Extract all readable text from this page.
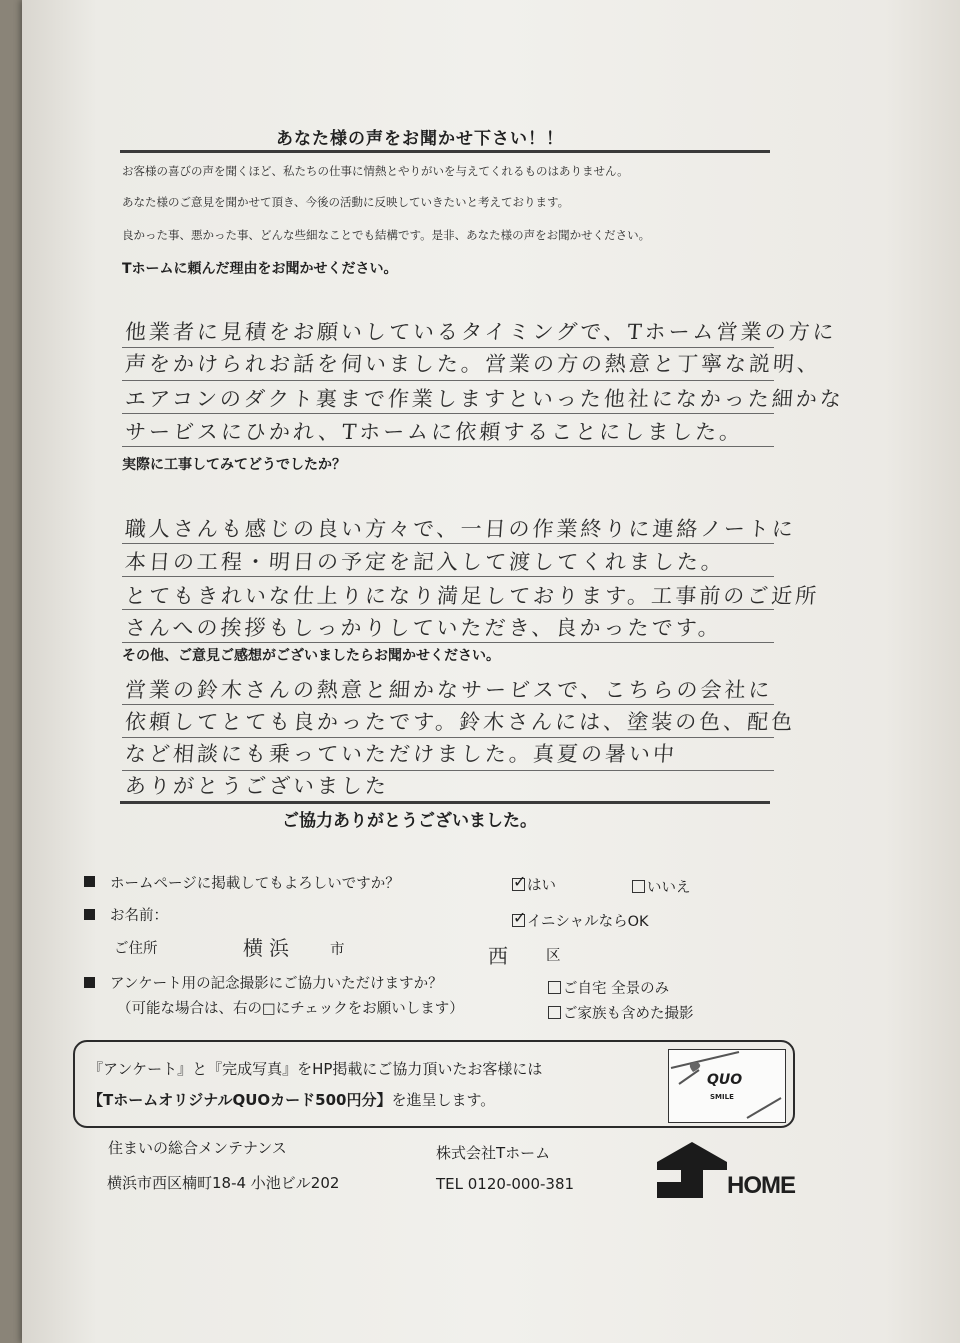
あなた様の声をお聞かせ下さい！！
お客様の喜びの声を聞くほど、私たちの仕事に情熱とやりがいを与えてくれるものはありません。
あなた様のご意見を聞かせて頂き、今後の活動に反映していきたいと考えております。
良かった事、悪かった事、どんな些細なことでも結構です。是非、あなた様の声をお聞かせください。
Tホームに頼んだ理由をお聞かせください。
他業者に見積をお願いしているタイミングで、Tホーム営業の方に
声をかけられお話を伺いました。営業の方の熱意と丁寧な説明、
エアコンのダクト裏まで作業しますといった他社になかった細かな
サービスにひかれ、Tホームに依頼することにしました。
実際に工事してみてどうでしたか？
職人さんも感じの良い方々で、一日の作業終りに連絡ノートに
本日の工程・明日の予定を記入して渡してくれました。
とてもきれいな仕上りになり満足しております。工事前のご近所
さんへの挨拶もしっかりしていただき、良かったです。
その他、ご意見ご感想がございましたらお聞かせください。
営業の鈴木さんの熱意と細かなサービスで、こちらの会社に
依頼してとても良かったです。鈴木さんには、塗装の色、配色
など相談にも乗っていただけました。真夏の暑い中
ありがとうございました
ご協力ありがとうございました。
ホームページに掲載してもよろしいですか？ ✓	はい	いいえ
お名前： ✓	イニシャルならOK
ご住所	横浜 市	西	区
アンケート用の記念撮影にご協力いただけますか？
（可能な場合は、右の□にチェックをお願いします）
ご自宅 全景のみ
ご家族も含めた撮影
『アンケート』と『完成写真』をHP掲載にご協力頂いたお客様には
【TホームオリジナルQUOカード500円分】を進呈します。
QUO
SMILE
住まいの総合メンテナンス
横浜市西区楠町18-4 小池ビル202
株式会社Tホーム
TEL 0120-000-381	HOME
